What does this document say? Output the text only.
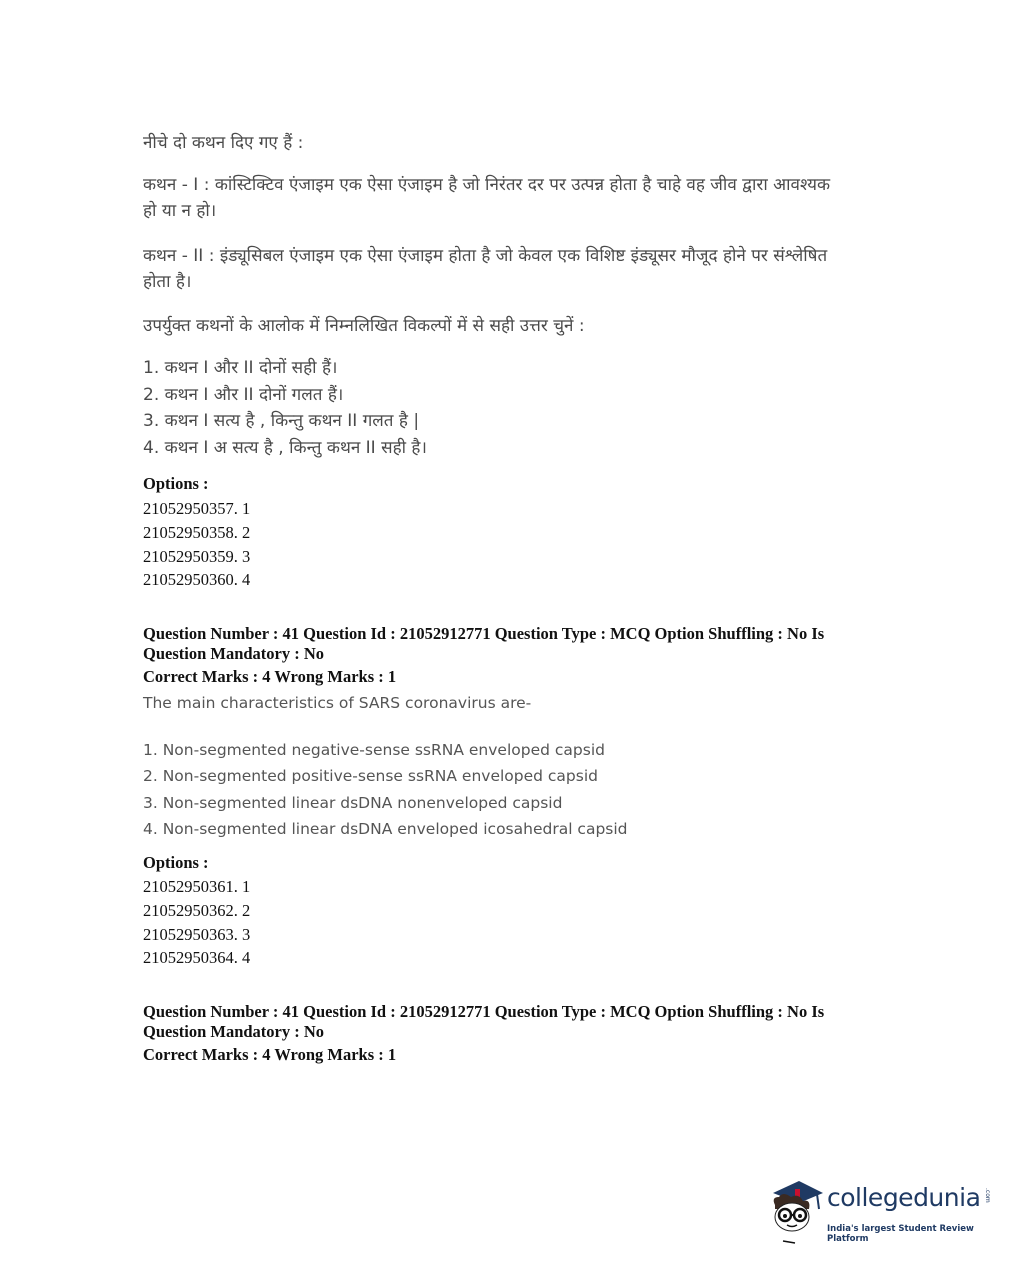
नीचे दो कथन दिए गए हैं :

कथन - I : कांस्टिक्टिव एंजाइम एक ऐसा एंजाइम है जो निरंतर दर पर उत्पन्न होता है चाहे वह जीव द्वारा आवश्यक हो या न हो।

कथन - II : इंड्यूसिबल एंजाइम एक ऐसा एंजाइम होता है जो केवल एक विशिष्ट इंड्यूसर मौजूद होने पर संश्लेषित होता है।

उपर्युक्त कथनों के आलोक में निम्नलिखित विकल्पों में से सही उत्तर चुनें :

1. कथन I और II दोनों सही हैं।

2. कथन I और II दोनों गलत हैं।

3. कथन I सत्य है , किन्तु कथन II गलत है |

4. कथन I अ सत्य है , किन्तु कथन II सही है।

Options :
21052950357. 1
21052950358. 2
21052950359. 3
21052950360. 4
Question Number : 41 Question Id : 21052912771 Question Type : MCQ Option Shuffling : No Is Question Mandatory : No
Correct Marks : 4 Wrong Marks : 1
The main characteristics of SARS coronavirus are-
1. Non-segmented negative-sense ssRNA enveloped capsid
2. Non-segmented positive-sense ssRNA enveloped capsid
3. Non-segmented linear dsDNA nonenveloped capsid
4. Non-segmented linear dsDNA enveloped icosahedral capsid
Options :
21052950361. 1
21052950362. 2
21052950363. 3
21052950364. 4
Question Number : 41 Question Id : 21052912771 Question Type : MCQ Option Shuffling : No Is Question Mandatory : No
Correct Marks : 4 Wrong Marks : 1
collegedunia .com
India's largest Student Review Platform
